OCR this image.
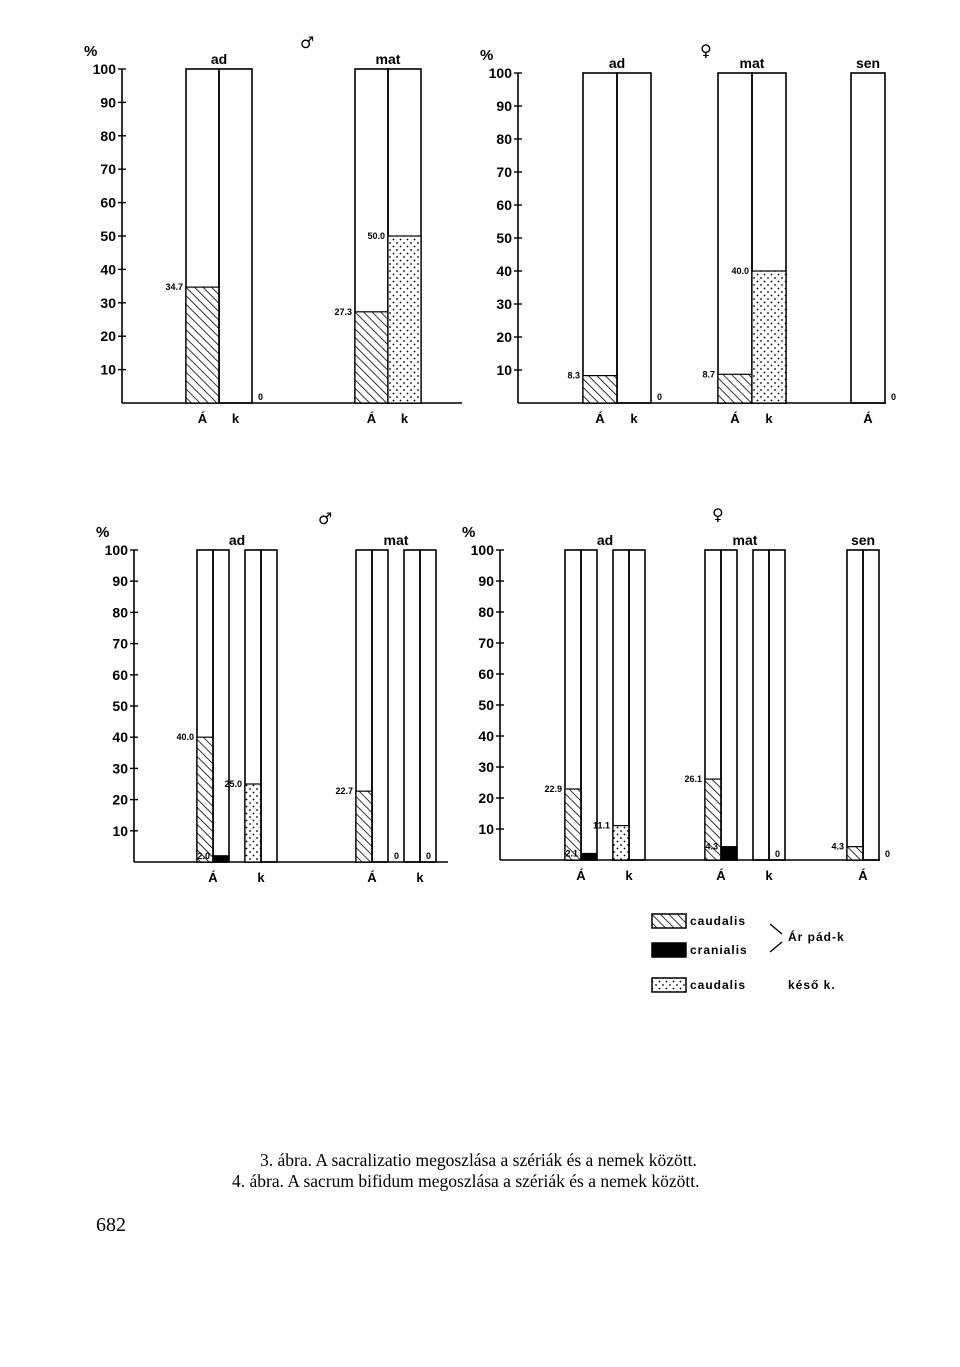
%	♂
10
20
30
40
50
60
70
80
90
100
ad
34.7
0
Á k
mat
27.3
50.0
Á k
%	♀
10
20
30
40
50
60
70
80
90
100
ad
8.3
0
Á k
mat
8.7
40.0
Á k
sen
0
Á
%
♂
10
20
30
40
50
60
70
80
90
100
ad
40.0
2.0
25.0
Á	k
mat
22.7
0	0
Á	k
%
♀
10
20
30
40
50
60
70
80
90
100
ad
22.9
2.1
11.1
Á	k
mat
26.1
4.3
0
Á	k
sen
4.3
0
Á
caudalis
cranialis
caudalis
Ár pád-k
késő k.
3. ábra. A sacralizatio megoszlása a szériák és a nemek között.
4. ábra. A sacrum bifidum megoszlása a szériák és a nemek között.
682
